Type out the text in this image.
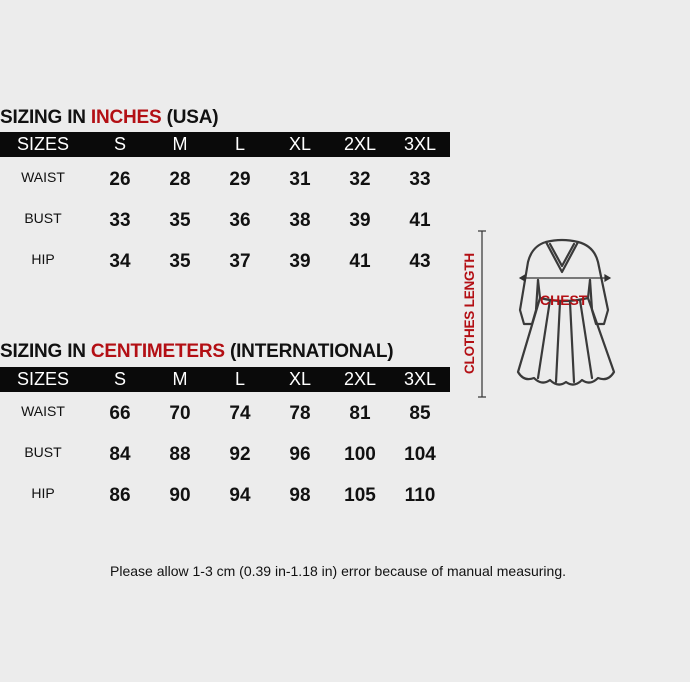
SIZING IN INCHES (USA)
SIZES S	M	L XL 2XL 3XL
WAIST 26 28 29 31 32 33
BUST	33 35 36 38 39 41
HIP	34 35 37 39 41 43
SIZING IN CENTIMETERS (INTERNATIONAL)
SIZES S	M	L XL 2XL 3XL
WAIST 66 70 74 78 81 85
BUST	84 88 92 96 100 104
HIP	86 90 94 98 105 110
CLOTHES LENGTH	CHEST
Please allow 1-3 cm (0.39 in-1.18 in) error because of manual measuring.
